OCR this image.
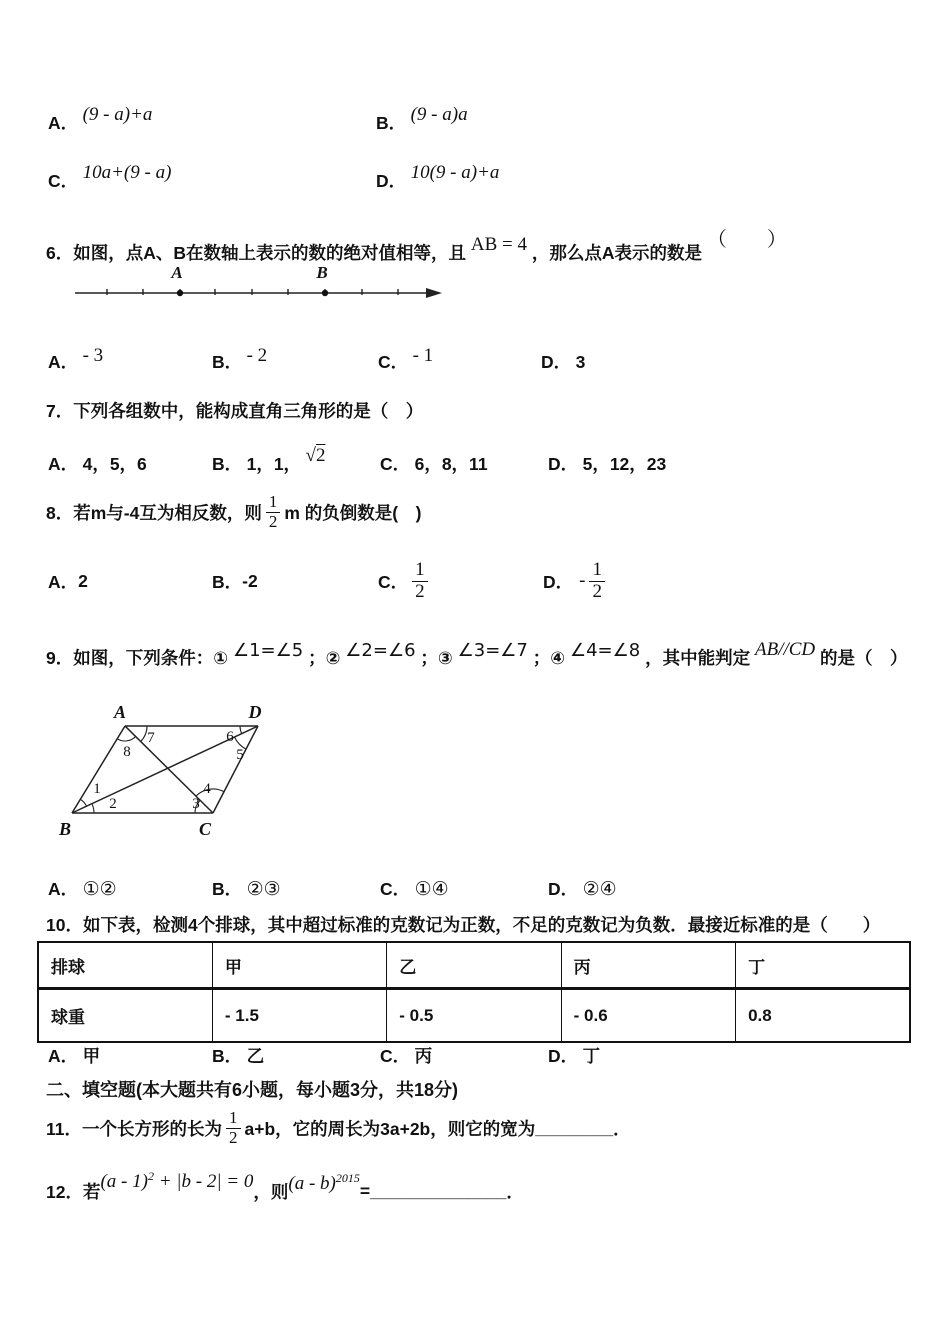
A． (9 - a)+a	B． (9 - a)a
C． 10a+(9 - a)	D． 10(9 - a)+a
6．如图，点A、B在数轴上表示的数的绝对值相等，且 AB = 4 ，那么点A表示的数是 （　　）
A	B
A． - 3	B． - 2	C． - 1	D． 3
7．下列各组数中，能构成直角三角形的是（　）
A． 4，5，6	B． 1，1， √2	C． 6，8，11	D． 5，12，23
8．若m与-4互为相反数，则 $\frac{1}{2}$ m 的负倒数是(　)
A． 2	B． -2	C． $\frac{1}{2}$	D． - $\frac{1}{2}$
9．如图，下列条件：① ∠1=∠5 ；② ∠2=∠6 ；③ ∠3=∠7 ；④ ∠4=∠8 ，其中能判定 AB//CD 的是（　）
A	D
B	C
1
2	3
4
5
6
7
8
A． ①②	B． ②③	C． ①④	D． ②④
10．如下表，检测4个排球，其中超过标准的克数记为正数，不足的克数记为负数．最接近标准的是（　　）
排球	甲	乙	丙	丁
球重	- 1.5	- 0.5	- 0.6	0.8
A． 甲	B． 乙	C． 丙	D． 丁
二、填空题(本大题共有6小题，每小题3分，共18分)
11．一个长方形的长为 $\frac{1}{2} a+b$，它的周长为3a+2b，则它的宽为 ________ ．
12．若 (a - 1)$^2$ + |b - 2| = 0 ，则 (a - b)$^{2015}$
= ______________ ．
